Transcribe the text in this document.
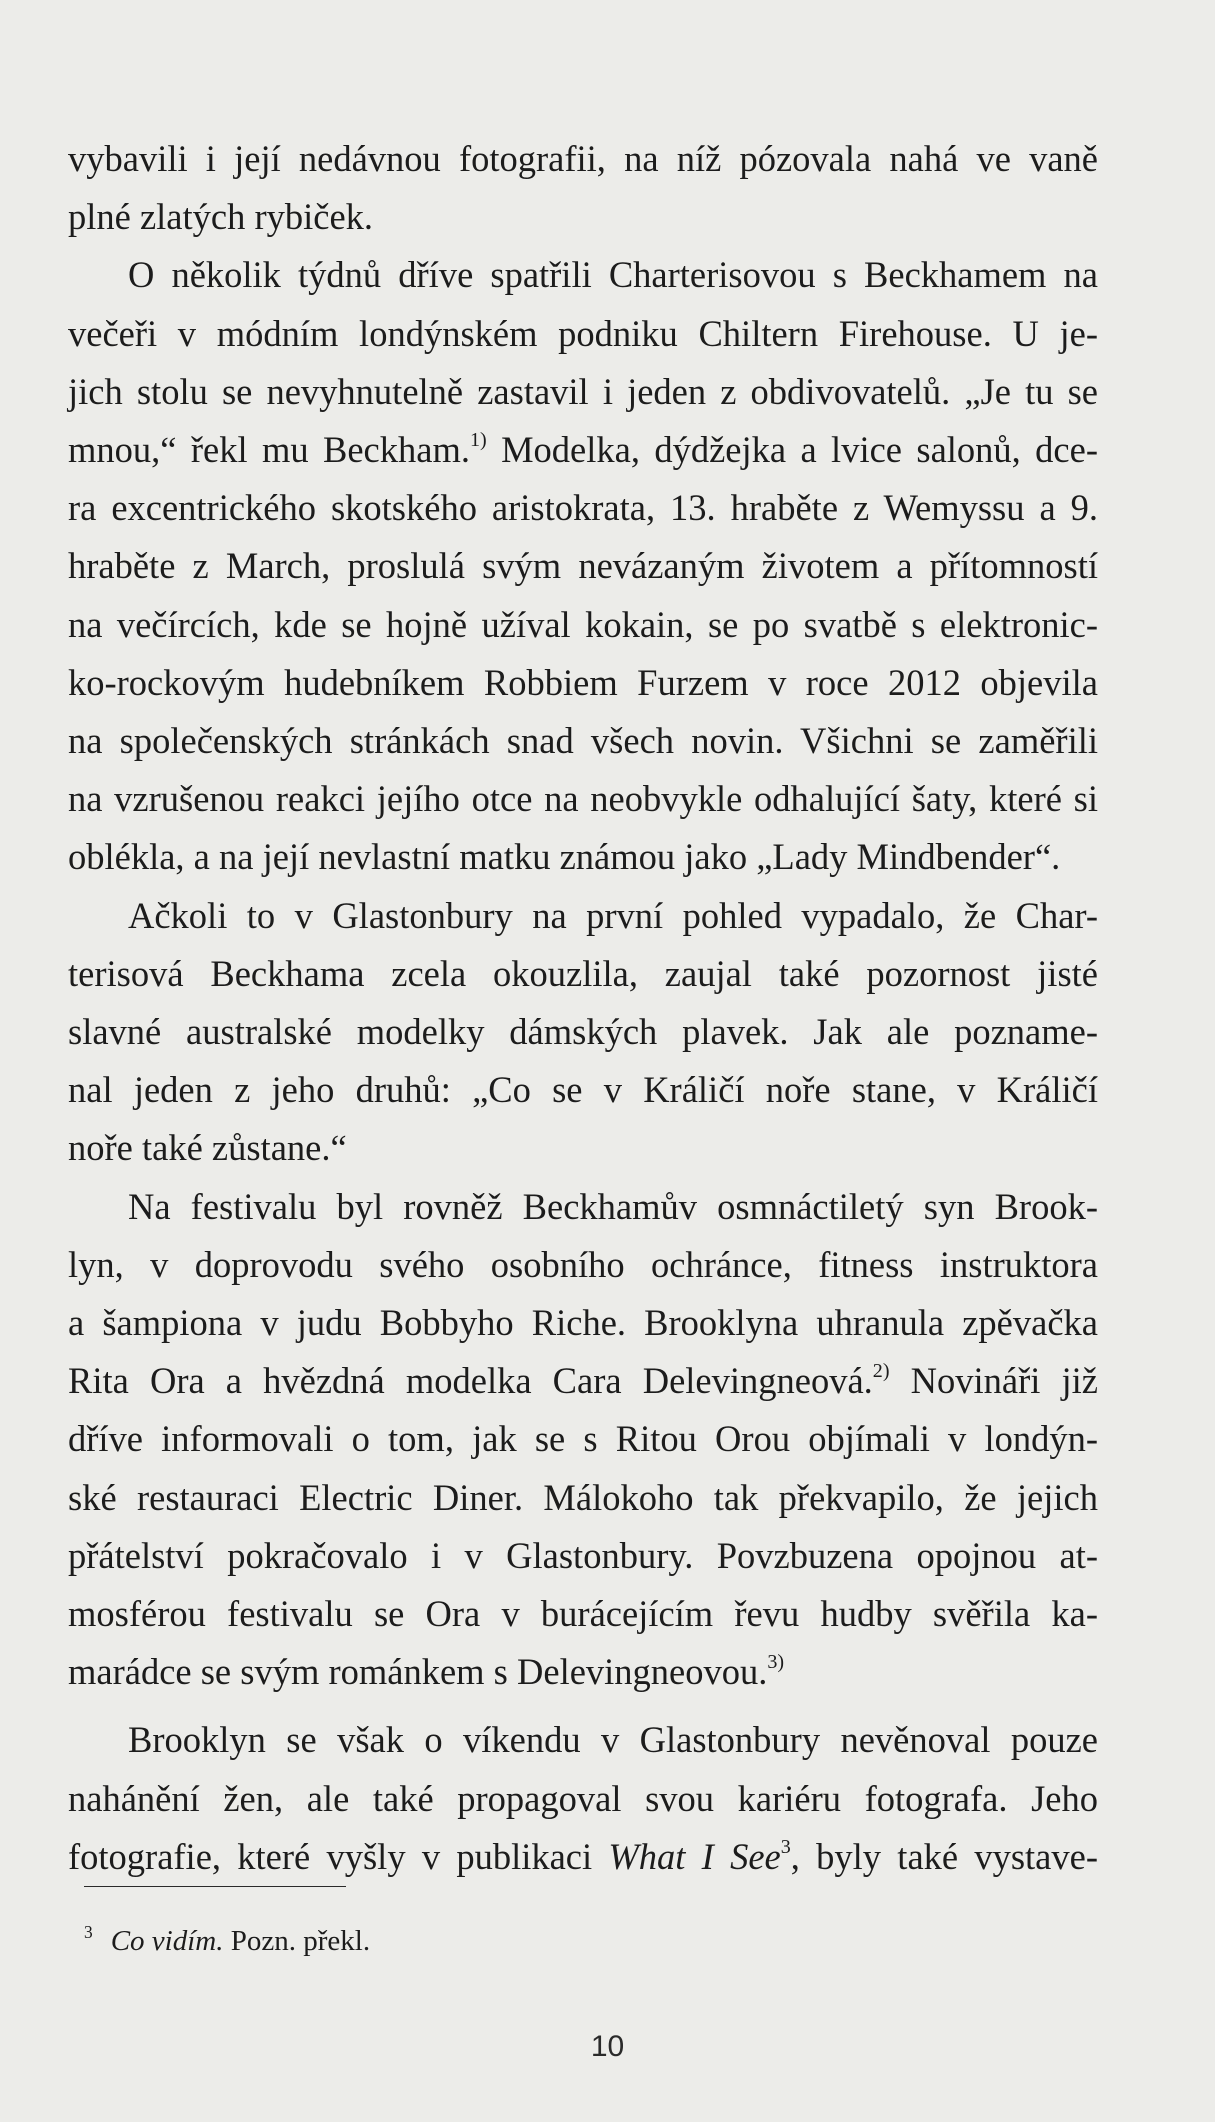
vybavili i její nedávnou fotografii, na níž pózovala nahá ve vaně
plné zlatých rybiček.

O několik týdnů dříve spatřili Charterisovou s Beckhamem na
večeři v módním londýnském podniku Chiltern Firehouse. U je-
jich stolu se nevyhnutelně zastavil i jeden z obdivovatelů. „Je tu se
mnou,“ řekl mu Beckham.$^{1)}$ Modelka, dýdžejka a lvice salonů, dce-
ra excentrického skotského aristokrata, 13. hraběte z Wemyssu a 9.
hraběte z March, proslulá svým nevázaným životem a přítomností
na večírcích, kde se hojně užíval kokain, se po svatbě s elektronic-
ko-rockovým hudebníkem Robbiem Furzem v roce 2012 objevila
na společenských stránkách snad všech novin. Všichni se zaměřili
na vzrušenou reakci jejího otce na neobvykle odhalující šaty, které si
oblékla, a na její nevlastní matku známou jako „Lady Mindbender“.

Ačkoli to v Glastonbury na první pohled vypadalo, že Char-
terisová Beckhama zcela okouzlila, zaujal také pozornost jisté
slavné australské modelky dámských plavek. Jak ale poznamе-
nal jeden z jeho druhů: „Co se v Králičí noře stane, v Králičí
noře také zůstane.“

Na festivalu byl rovněž Beckhamův osmnáctiletý syn Brook-
lyn, v doprovodu svého osobního ochránce, fitness instruktora
a šampiona v judu Bobbyho Riche. Brooklyna uhranula zpěvačka
Rita Ora a hvězdná modelka Cara Delevingneová.$^{2)}$ Novináři již
dříve informovali o tom, jak se s Ritou Orou objímali v londýn-
ské restauraci Electric Diner. Málokoho tak překvapilo, že jejich
přátelství pokračovalo i v Glastonbury. Povzbuzena opojnou at-
mosférou festivalu se Ora v burácejícím řevu hudby svěřila ka-
marádce se svým románkem s Delevingneovou.$^{3)}$

Brooklyn se však o víkendu v Glastonbury nevěnoval pouze
nahánění žen, ale také propagoval svou kariéru fotografa. Jeho
fotografie, které vyšly v publikaci What I See$^3$, byly také vystave-

$^3$ Co vidím. Pozn. překl.
10
